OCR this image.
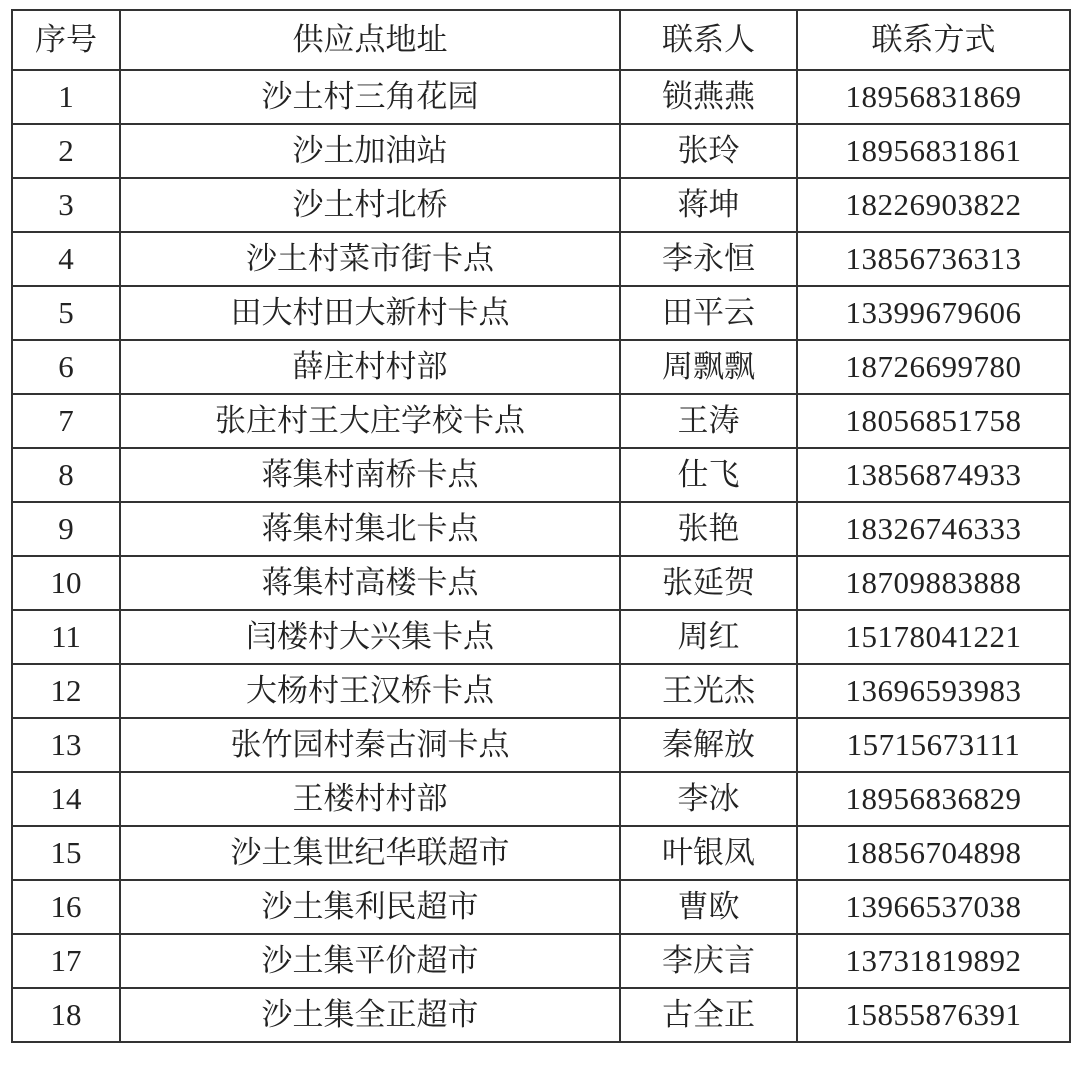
序号	供应点地址	联系人	联系方式
1	沙土村三角花园	锁燕燕	18956831869
2	沙土加油站	张玲	18956831861
3	沙土村北桥	蒋坤	18226903822
4	沙土村菜市街卡点	李永恒	13856736313
5	田大村田大新村卡点	田平云	13399679606
6	薛庄村村部	周飘飘	18726699780
7	张庄村王大庄学校卡点	王涛	18056851758
8	蒋集村南桥卡点	仕飞	13856874933
9	蒋集村集北卡点	张艳	18326746333
10	蒋集村高楼卡点	张延贺	18709883888
11	闫楼村大兴集卡点	周红	15178041221
12	大杨村王汉桥卡点	王光杰	13696593983
13	张竹园村秦古洞卡点	秦解放	15715673111
14	王楼村村部	李冰	18956836829
15	沙土集世纪华联超市	叶银凤	18856704898
16	沙土集利民超市	曹欧	13966537038
17	沙土集平价超市	李庆言	13731819892
18	沙土集全正超市	古全正	15855876391
